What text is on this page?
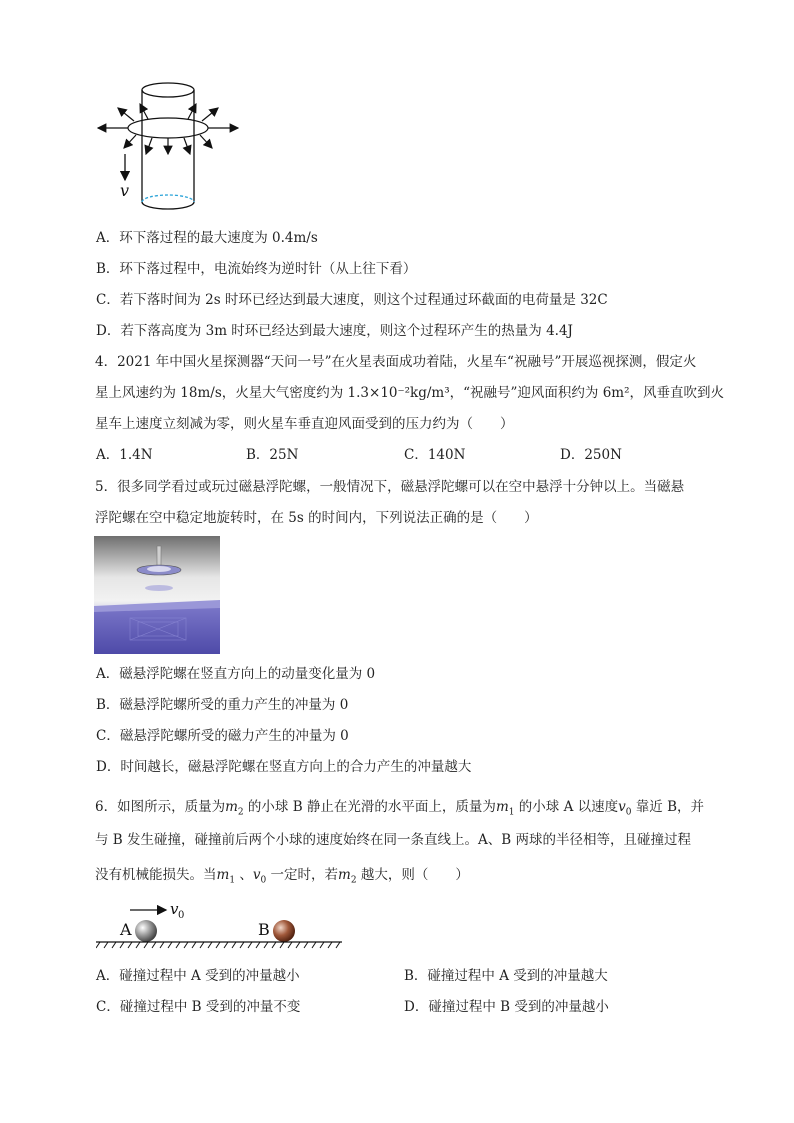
v
A．环下落过程的最大速度为 0.4m/s
B．环下落过程中，电流始终为逆时针（从上往下看）
C．若下落时间为 2s 时环已经达到最大速度，则这个过程通过环截面的电荷量是 32C
D．若下落高度为 3m 时环已经达到最大速度，则这个过程环产生的热量为 4.4J
4．2021 年中国火星探测器“天问一号”在火星表面成功着陆，火星车“祝融号”开展巡视探测，假定火
星上风速约为 18m/s，火星大气密度约为 1.3×10⁻²kg/m³，“祝融号”迎风面积约为 6m²，风垂直吹到火
星车上速度立刻减为零，则火星车垂直迎风面受到的压力约为（　　）
A．1.4N	B．25N	C．140N	D．250N
5．很多同学看过或玩过磁悬浮陀螺，一般情况下，磁悬浮陀螺可以在空中悬浮十分钟以上。当磁悬
浮陀螺在空中稳定地旋转时，在 5s 的时间内，下列说法正确的是（　　）
A．磁悬浮陀螺在竖直方向上的动量变化量为 0
B．磁悬浮陀螺所受的重力产生的冲量为 0
C．磁悬浮陀螺所受的磁力产生的冲量为 0
D．时间越长，磁悬浮陀螺在竖直方向上的合力产生的冲量越大
6．如图所示，质量为$m_2$ 的小球 B 静止在光滑的水平面上，质量为$m_1$ 的小球 A 以速度$v_0$ 靠近 B，并
与 B 发生碰撞，碰撞前后两个小球的速度始终在同一条直线上。A、B 两球的半径相等，且碰撞过程
没有机械能损失。当$m_1$ 、$v_0$ 一定时，若$m_2$ 越大，则（　　）
v 0
A	B
A．碰撞过程中 A 受到的冲量越小	B．碰撞过程中 A 受到的冲量越大
C．碰撞过程中 B 受到的冲量不变	D．碰撞过程中 B 受到的冲量越小
